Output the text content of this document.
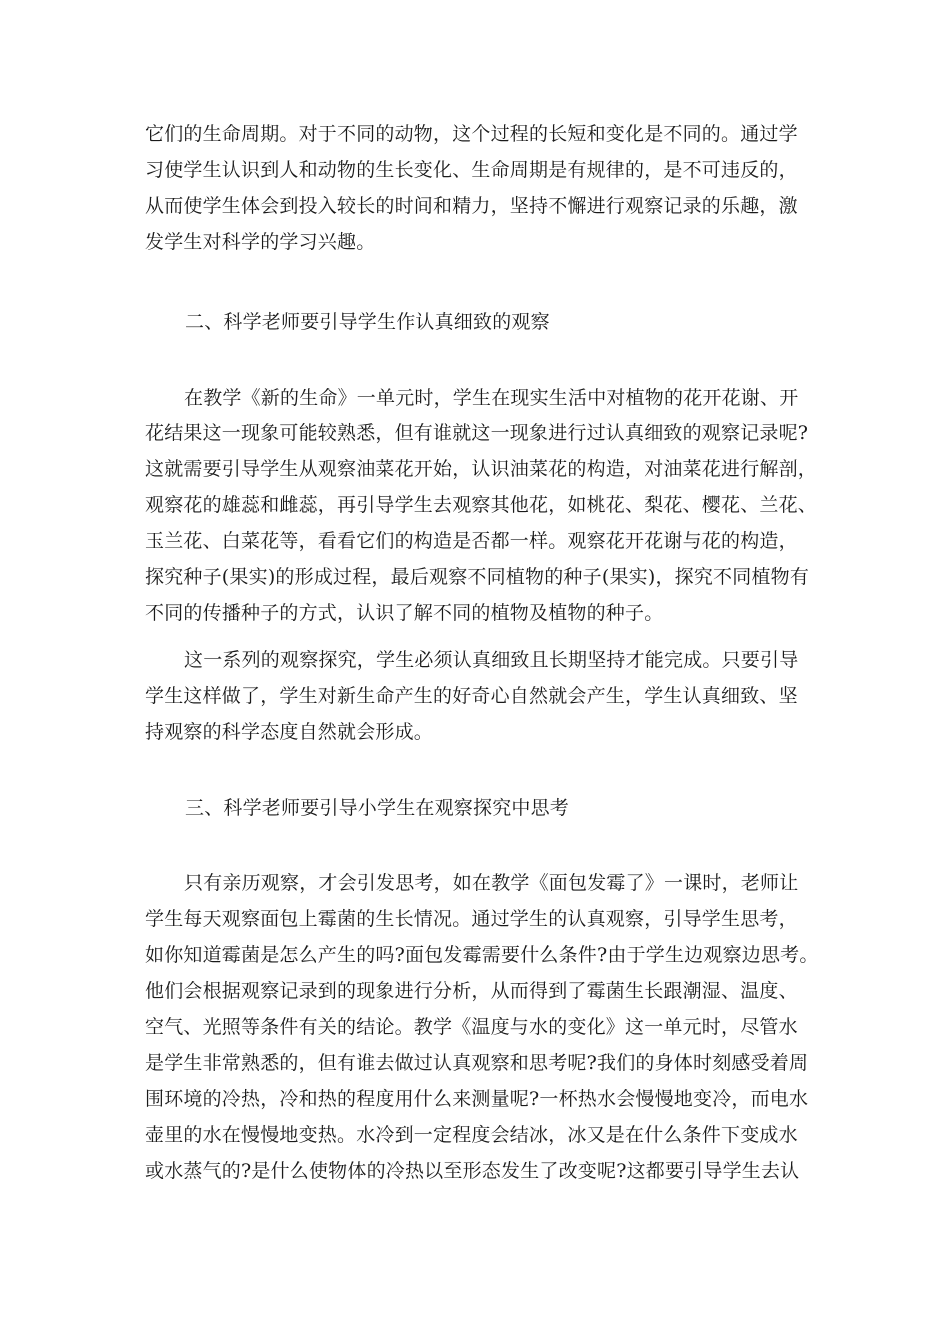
它们的生命周期。对于不同的动物，这个过程的长短和变化是不同的。通过学
习使学生认识到人和动物的生长变化、生命周期是有规律的，是不可违反的，
从而使学生体会到投入较长的时间和精力，坚持不懈进行观察记录的乐趣，激
发学生对科学的学习兴趣。
二、科学老师要引导学生作认真细致的观察
在教学《新的生命》一单元时，学生在现实生活中对植物的花开花谢、开
花结果这一现象可能较熟悉，但有谁就这一现象进行过认真细致的观察记录呢?
这就需要引导学生从观察油菜花开始，认识油菜花的构造，对油菜花进行解剖，
观察花的雄蕊和雌蕊，再引导学生去观察其他花，如桃花、梨花、樱花、兰花、
玉兰花、白菜花等，看看它们的构造是否都一样。观察花开花谢与花的构造，
探究种子(果实)的形成过程，最后观察不同植物的种子(果实)，探究不同植物有
不同的传播种子的方式，认识了解不同的植物及植物的种子。
这一系列的观察探究，学生必须认真细致且长期坚持才能完成。只要引导
学生这样做了，学生对新生命产生的好奇心自然就会产生，学生认真细致、坚
持观察的科学态度自然就会形成。
三、科学老师要引导小学生在观察探究中思考
只有亲历观察，才会引发思考，如在教学《面包发霉了》一课时，老师让
学生每天观察面包上霉菌的生长情况。通过学生的认真观察，引导学生思考，
如你知道霉菌是怎么产生的吗?面包发霉需要什么条件?由于学生边观察边思考。
他们会根据观察记录到的现象进行分析，从而得到了霉菌生长跟潮湿、温度、
空气、光照等条件有关的结论。教学《温度与水的变化》这一单元时，尽管水
是学生非常熟悉的，但有谁去做过认真观察和思考呢?我们的身体时刻感受着周
围环境的冷热，冷和热的程度用什么来测量呢?一杯热水会慢慢地变冷，而电水
壶里的水在慢慢地变热。水冷到一定程度会结冰，冰又是在什么条件下变成水
或水蒸气的?是什么使物体的冷热以至形态发生了改变呢?这都要引导学生去认
